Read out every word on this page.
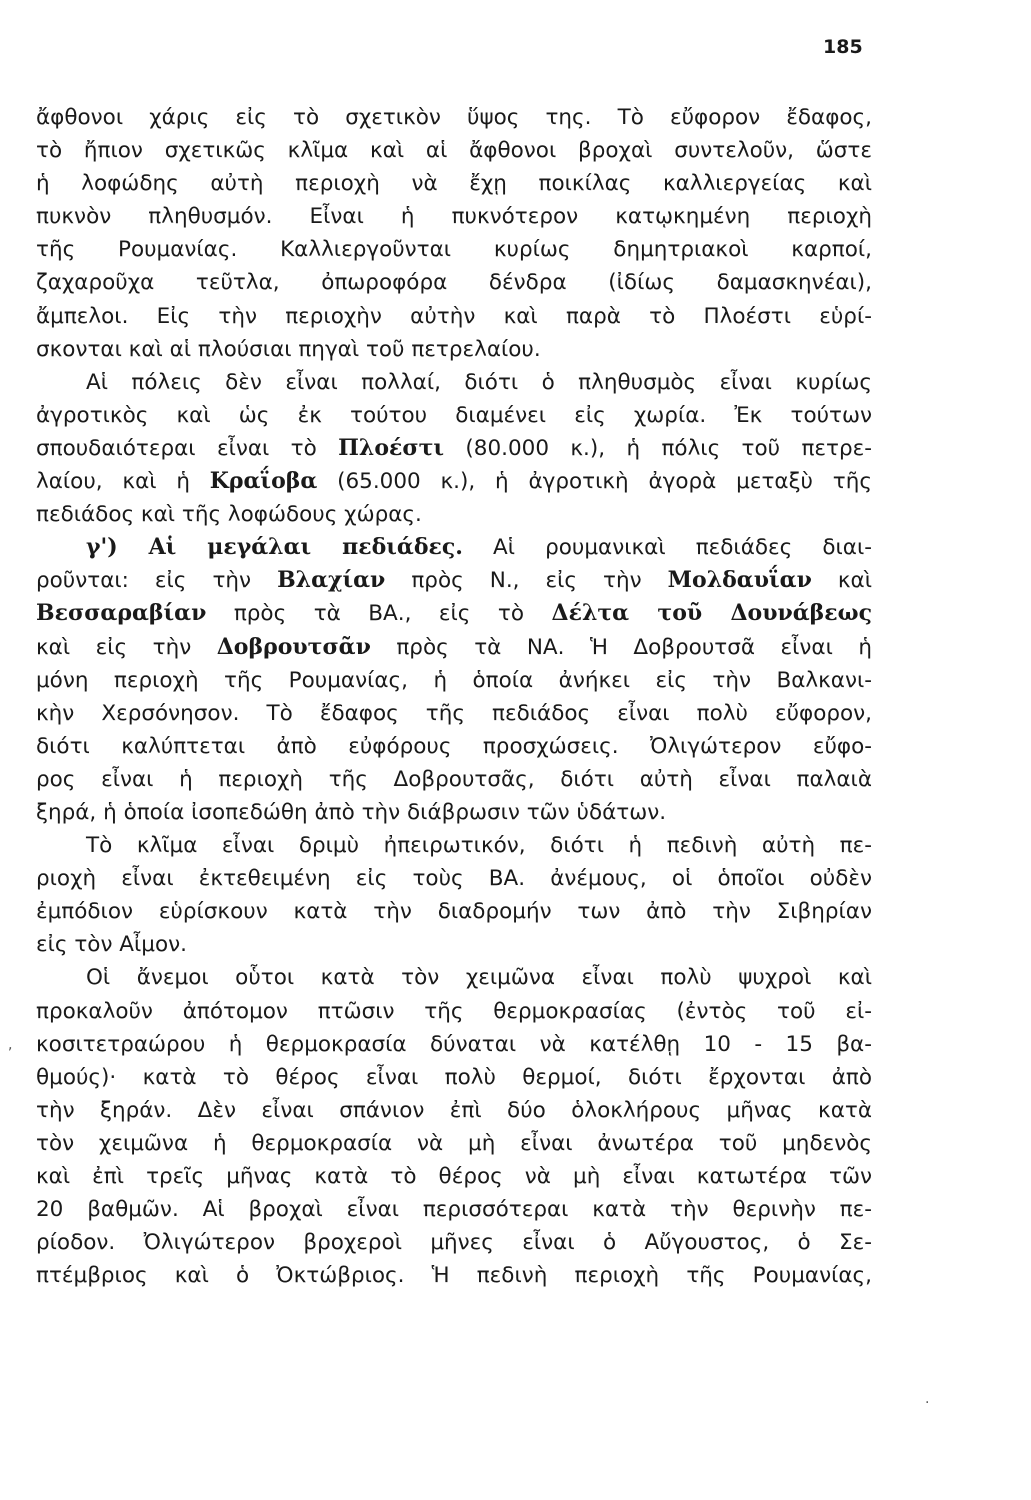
185
ἄφθονοι χάρις εἰς τὸ σχετικὸν ὕψος της. Τὸ εὔφορον ἔδαφος,
τὸ ἤπιον σχετικῶς κλῖμα καὶ αἱ ἄφθονοι βροχαὶ συντελοῦν, ὥστε
ἡ λοφώδης αὐτὴ περιοχὴ νὰ ἔχῃ ποικίλας καλλιεργείας καὶ
πυκνὸν πληθυσμόν. Εἶναι ἡ πυκνότερον κατῳκημένη περιοχὴ
τῆς Ρουμανίας. Καλλιεργοῦνται κυρίως δημητριακοὶ καρποί,
ζαχαροῦχα τεῦτλα, ὀπωροφόρα δένδρα (ἰδίως δαμασκηνέαι),
ἄμπελοι. Εἰς τὴν περιοχὴν αὐτὴν καὶ παρὰ τὸ Πλοέστι εὑρί-
σκονται καὶ αἱ πλούσιαι πηγαὶ τοῦ πετρελαίου.
Αἱ πόλεις δὲν εἶναι πολλαί, διότι ὁ πληθυσμὸς εἶναι κυρίως
ἀγροτικὸς καὶ ὡς ἐκ τούτου διαμένει εἰς χωρία. Ἐκ τούτων
σπουδαιότεραι εἶναι τὸ Πλοέστι (80.000 κ.), ἡ πόλις τοῦ πετρε-
λαίου, καὶ ἡ Κραΐοβα (65.000 κ.), ἡ ἀγροτικὴ ἀγορὰ μεταξὺ τῆς
πεδιάδος καὶ τῆς λοφώδους χώρας.
γ') Αἱ μεγάλαι πεδιάδες. Αἱ ρουμανικαὶ πεδιάδες διαι-
ροῦνται: εἰς τὴν Βλαχίαν πρὸς Ν., εἰς τὴν Μολδαυΐαν καὶ
Βεσσαραβίαν πρὸς τὰ ΒΑ., εἰς τὸ Δέλτα τοῦ Δουνάβεως
καὶ εἰς τὴν Δοβρουτσᾶν πρὸς τὰ ΝΑ. Ἡ Δοβρουτσᾶ εἶναι ἡ
μόνη περιοχὴ τῆς Ρουμανίας, ἡ ὁποία ἀνήκει εἰς τὴν Βαλκανι-
κὴν Χερσόνησον. Τὸ ἔδαφος τῆς πεδιάδος εἶναι πολὺ εὔφορον,
διότι καλύπτεται ἀπὸ εὐφόρους προσχώσεις. Ὀλιγώτερον εὔφο-
ρος εἶναι ἡ περιοχὴ τῆς Δοβρουτσᾶς, διότι αὐτὴ εἶναι παλαιὰ
ξηρά, ἡ ὁποία ἰσοπεδώθη ἀπὸ τὴν διάβρωσιν τῶν ὑδάτων.
Τὸ κλῖμα εἶναι δριμὺ ἠπειρωτικόν, διότι ἡ πεδινὴ αὐτὴ πε-
ριοχὴ εἶναι ἐκτεθειμένη εἰς τοὺς ΒΑ. ἀνέμους, οἱ ὁποῖοι οὐδὲν
ἐμπόδιον εὑρίσκουν κατὰ τὴν διαδρομήν των ἀπὸ τὴν Σιβηρίαν
εἰς τὸν Αἶμον.
Οἱ ἄνεμοι οὗτοι κατὰ τὸν χειμῶνα εἶναι πολὺ ψυχροὶ καὶ
προκαλοῦν ἀπότομον πτῶσιν τῆς θερμοκρασίας (ἐντὸς τοῦ εἰ-
κοσιτετραώρου ἡ θερμοκρασία δύναται νὰ κατέλθῃ 10 - 15 βα-
θμούς)· κατὰ τὸ θέρος εἶναι πολὺ θερμοί, διότι ἔρχονται ἀπὸ
τὴν ξηράν. Δὲν εἶναι σπάνιον ἐπὶ δύο ὁλοκλήρους μῆνας κατὰ
τὸν χειμῶνα ἡ θερμοκρασία νὰ μὴ εἶναι ἀνωτέρα τοῦ μηδενὸς
καὶ ἐπὶ τρεῖς μῆνας κατὰ τὸ θέρος νὰ μὴ εἶναι κατωτέρα τῶν
20 βαθμῶν. Αἱ βροχαὶ εἶναι περισσότεραι κατὰ τὴν θερινὴν πε-
ρίοδον. Ὀλιγώτερον βροχεροὶ μῆνες εἶναι ὁ Αὔγουστος, ὁ Σε-
πτέμβριος καὶ ὁ Ὀκτώβριος. Ἡ πεδινὴ περιοχὴ τῆς Ρουμανίας,
,
·
